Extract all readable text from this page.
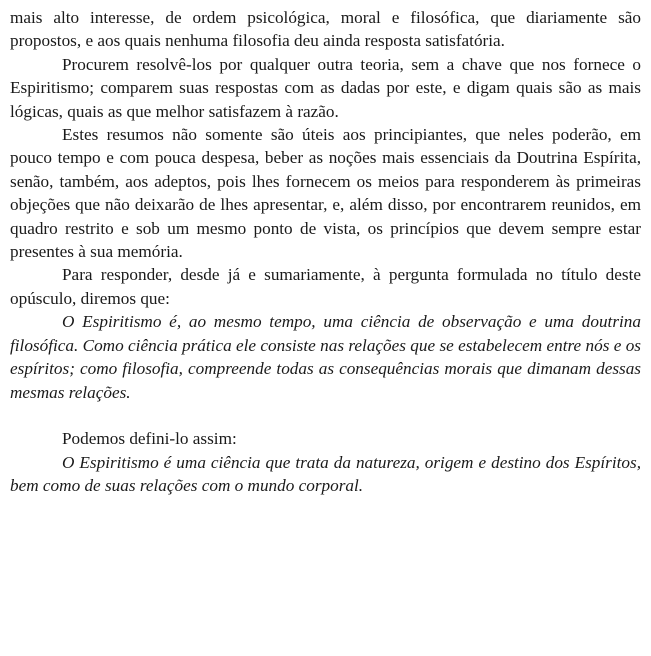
mais alto interesse, de ordem psicológica, moral e filosófica, que diariamente são propostos, e aos quais nenhuma filosofia deu ainda resposta satisfatória.

Procurem resolvê-los por qualquer outra teoria, sem a chave que nos fornece o Espiritismo; comparem suas respostas com as dadas por este, e digam quais são as mais lógicas, quais as que melhor satisfazem à razão.

Estes resumos não somente são úteis aos principiantes, que neles poderão, em pouco tempo e com pouca despesa, beber as noções mais essenciais da Doutrina Espírita, senão, também, aos adeptos, pois lhes fornecem os meios para responderem às primeiras objeções que não deixarão de lhes apresentar, e, além disso, por encontrarem reunidos, em quadro restrito e sob um mesmo ponto de vista, os princípios que devem sempre estar presentes à sua memória.

Para responder, desde já e sumariamente, à pergunta formulada no título deste opúsculo, diremos que:

O Espiritismo é, ao mesmo tempo, uma ciência de observação e uma doutrina filosófica. Como ciência prática ele consiste nas relações que se estabelecem entre nós e os espíritos; como filosofia, compreende todas as consequências morais que dimanam dessas mesmas relações.

Podemos defini-lo assim:

O Espiritismo é uma ciência que trata da natureza, origem e destino dos Espíritos, bem como de suas relações com o mundo corporal.
